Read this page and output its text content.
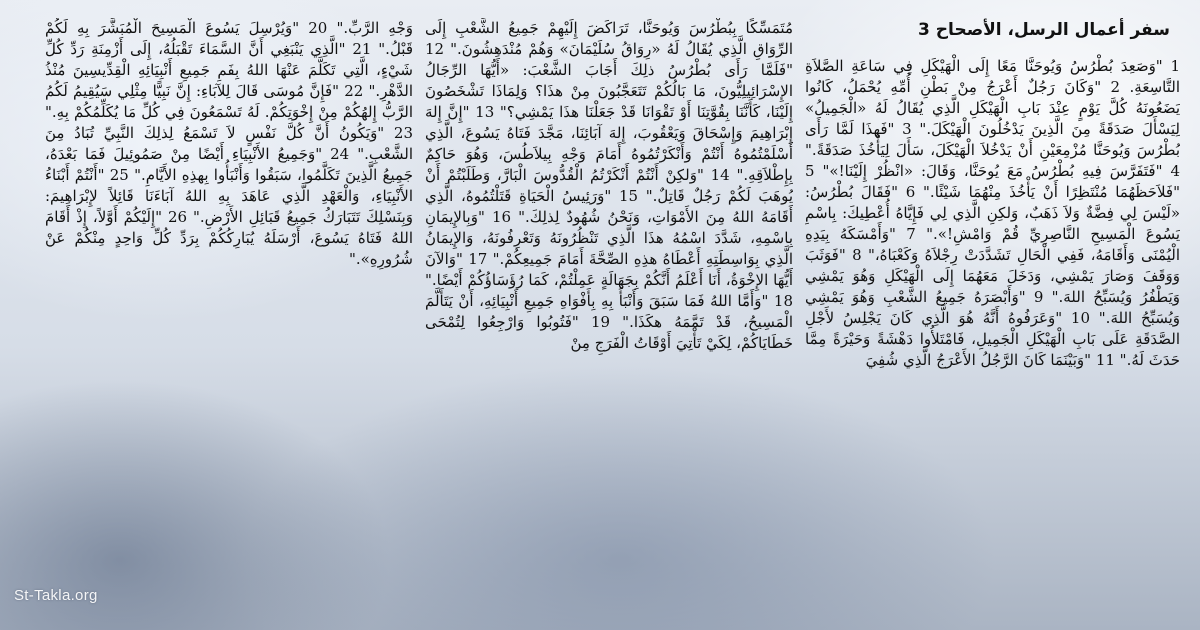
سفر أعمال الرسل، الأصحاح 3
1 "وَصَعِدَ بُطْرُسُ وَيُوحَنَّا مَعًا إِلَى الْهَيْكَلِ فِي سَاعَةِ الصَّلاَةِ التَّاسِعَةِ. 2 "وَكَانَ رَجُلٌ أَعْرَجُ مِنْ بَطْنِ أُمِّهِ يُحْمَلُ، كَانُوا يَضَعُونَهُ كُلَّ يَوْمٍ عِنْدَ بَابِ الْهَيْكَلِ الَّذِي يُقَالُ لَهُ «الْجَمِيلُ» لِيَسْأَلَ صَدَقَةً مِنَ الَّذِينَ يَدْخُلُونَ الْهَيْكَلَ." 3 "فَهذَا لَمَّا رَأَى بُطْرُسَ وَيُوحَنَّا مُزْمِعَيْنِ أَنْ يَدْخُلاَ الْهَيْكَلَ، سَأَلَ لِيَأْخُذَ صَدَقَةً." 4 "فَتَفَرَّسَ فِيهِ بُطْرُسُ مَعَ يُوحَنَّا، وَقَالَ: «انْظُرْ إِلَيْنَا!»" 5 "فَلاَحَظَهُمَا مُنْتَظِرًا أَنْ يَأْخُذَ مِنْهُمَا شَيْئًا." 6 "فَقَالَ بُطْرُسُ: «لَيْسَ لِي فِضَّةٌ وَلاَ ذَهَبٌ، وَلكِنِ الَّذِي لِي فَإِيَّاهُ أُعْطِيكَ: بِاسْمِ يَسُوعَ الْمَسِيحِ النَّاصِرِيِّ قُمْ وَامْشِ!»." 7 "وَأَمْسَكَهُ بِيَدِهِ الْيُمْنَى وَأَقَامَهُ، فَفِي الْحَالِ تَشَدَّدَتْ رِجْلاَهُ وَكَعْبَاهُ،" 8 "فَوَثَبَ وَوَقَفَ وَصَارَ يَمْشِي، وَدَخَلَ مَعَهُمَا إِلَى الْهَيْكَلِ وَهُوَ يَمْشِي وَيَطْفُرُ وَيُسَبِّحُ اللهَ." 9 "وَأَبْصَرَهُ جَمِيعُ الشَّعْبِ وَهُوَ يَمْشِي وَيُسَبِّحُ اللهَ." 10 "وَعَرَفُوهُ أَنَّهُ هُوَ الَّذِي كَانَ يَجْلِسُ لأَجْلِ الصَّدَقَةِ عَلَى بَابِ الْهَيْكَلِ الْجَمِيلِ، فَامْتَلأُوا دَهْشَةً وَحَيْرَةً مِمَّا حَدَثَ لَهُ." 11 "وَبَيْنَمَا كَانَ الرَّجُلُ الأَعْرَجُ الَّذِي شُفِيَ
مُتَمَسِّكًا بِبُطْرُسَ وَيُوحَنَّا، تَرَاكَضَ إِلَيْهِمْ جَمِيعُ الشَّعْبِ إِلَى الرِّوَاقِ الَّذِي يُقَالُ لَهُ «رِوَاقُ سُلَيْمَانَ» وَهُمْ مُنْدَهِشُونَ." 12 "فَلَمَّا رَأَى بُطْرُسُ ذلِكَ أَجَابَ الشَّعْبَ: «أَيُّهَا الرِّجَالُ الإِسْرَائِيلِيُّونَ، مَا بَالُكُمْ تَتَعَجَّبُونَ مِنْ هذَا؟ وَلِمَاذَا تَشْخَصُونَ إِلَيْنَا، كَأَنَّنَا بِقُوَّتِنَا أَوْ تَقْوَانَا قَدْ جَعَلْنَا هذَا يَمْشِي؟" 13 "إِنَّ إِلهَ إِبْرَاهِيمَ وَإِسْحَاقَ وَيَعْقُوبَ، إِلهَ آبَائِنَا، مَجَّدَ فَتَاهُ يَسُوعَ، الَّذِي أَسْلَمْتُمُوهُ أَنْتُمْ وَأَنْكَرْتُمُوهُ أَمَامَ وَجْهِ بِيلاَطُسَ، وَهُوَ حَاكِمٌ بِإِطْلاَقِهِ." 14 "وَلكِنْ أَنْتُمْ أَنْكَرْتُمُ الْقُدُّوسَ الْبَارَّ، وَطَلَبْتُمْ أَنْ يُوهَبَ لَكُمْ رَجُلٌ قَاتِلٌ." 15 "وَرَئِيسُ الْحَيَاةِ قَتَلْتُمُوهُ، الَّذِي أَقَامَهُ اللهُ مِنَ الأَمْوَاتِ، وَنَحْنُ شُهُودٌ لِذلِكَ." 16 "وَبِالإِيمَانِ بِاسْمِهِ، شَدَّدَ اسْمُهُ هذَا الَّذِي تَنْظُرُونَهُ وَتَعْرِفُونَهُ، وَالإِيمَانُ الَّذِي بِوَاسِطَتِهِ أَعْطَاهُ هذِهِ الصِّحَّةَ أَمَامَ جَمِيعِكُمْ." 17 "وَالآنَ أَيُّهَا الإِخْوَةُ، أَنَا أَعْلَمُ أَنَّكُمْ بِجَهَالَةٍ عَمِلْتُمْ، كَمَا رُؤَسَاؤُكُمْ أَيْضًا." 18 "وَأَمَّا اللهُ فَمَا سَبَقَ وَأَنْبَأَ بِهِ بِأَفْوَاهِ جَمِيعِ أَنْبِيَائِهِ، أَنْ يَتَأَلَّمَ الْمَسِيحُ، قَدْ تَمَّمَهُ هكَذَا." 19 "فَتُوبُوا وَارْجِعُوا لِتُمْحَى خَطَايَاكُمْ، لِكَيْ تَأْتِيَ أَوْقَاتُ الْفَرَجِ مِنْ
وَجْهِ الرَّبِّ." 20 "وَيُرْسِلَ يَسُوعَ الْمَسِيحَ الْمُبَشَّرَ بِهِ لَكُمْ قَبْلُ." 21 "الَّذِي يَنْبَغِي أَنَّ السَّمَاءَ تَقْبَلُهُ، إِلَى أَزْمِنَةِ رَدِّ كُلِّ شَيْءٍ، الَّتِي تَكَلَّمَ عَنْهَا اللهُ بِفَمِ جَمِيعِ أَنْبِيَائِهِ الْقِدِّيسِينَ مُنْذُ الدَّهْرِ." 22 "فَإِنَّ مُوسَى قَالَ لِلآبَاءِ: إِنَّ نَبِيًّا مِثْلِي سَيُقِيمُ لَكُمُ الرَّبُّ إِلهُكُمْ مِنْ إِخْوَتِكُمْ. لَهُ تَسْمَعُونَ فِي كُلِّ مَا يُكَلِّمُكُمْ بِهِ." 23 "وَيَكُونُ أَنَّ كُلَّ نَفْسٍ لاَ تَسْمَعُ لِذلِكَ النَّبِيِّ تُبَادُ مِنَ الشَّعْبِ." 24 "وَجَمِيعُ الأَنْبِيَاءِ أَيْضًا مِنْ صَمُوئِيلَ فَمَا بَعْدَهُ، جَمِيعُ الَّذِينَ تَكَلَّمُوا، سَبَقُوا وَأَنْبَأُوا بِهذِهِ الأَيَّامِ." 25 "أَنْتُمْ أَبْنَاءُ الأَنْبِيَاءِ، وَالْعَهْدِ الَّذِي عَاهَدَ بِهِ اللهُ آبَاءَنَا قَائِلاً لإِبْرَاهِيمَ: وَبِنَسْلِكَ تَتَبَارَكُ جَمِيعُ قَبَائِلِ الأَرْضِ." 26 "إِلَيْكُمْ أَوَّلاً، إِذْ أَقَامَ اللهُ فَتَاهُ يَسُوعَ، أَرْسَلَهُ يُبَارِكُكُمْ بِرَدِّ كُلِّ وَاحِدٍ مِنْكُمْ عَنْ شُرُورِهِ»."
St-Takla.org
